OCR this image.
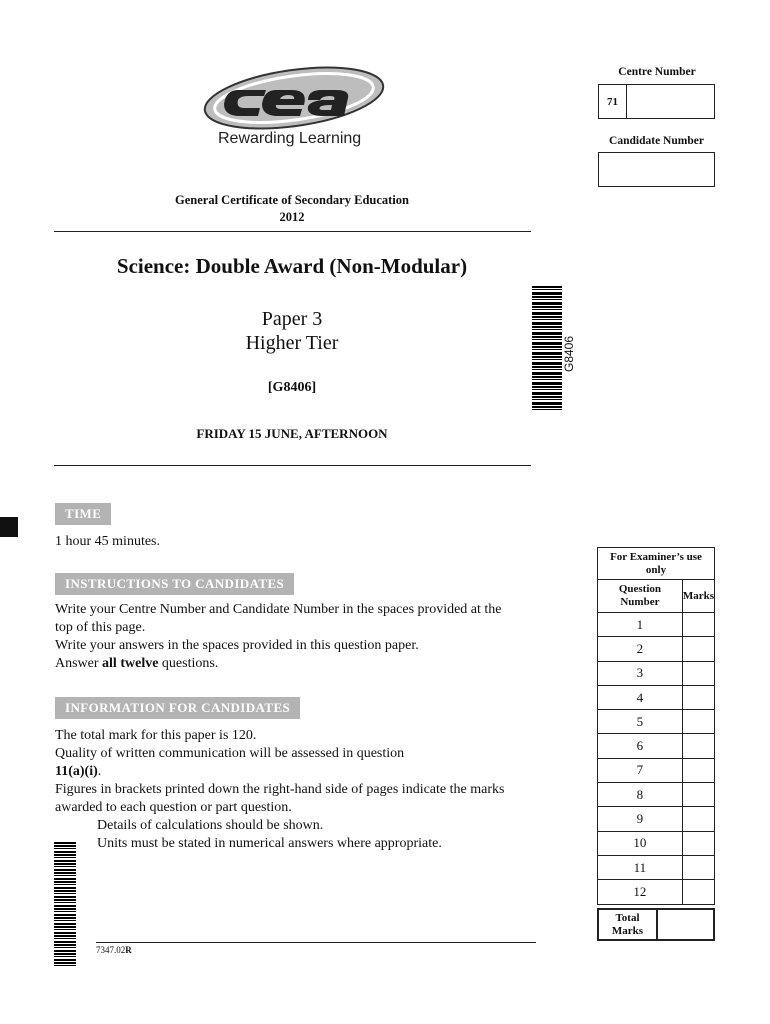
Rewarding Learning
Centre Number
71
Candidate Number
General Certificate of Secondary Education
2012
Science: Double Award (Non-Modular)
Paper 3
Higher Tier
[G8406]
FRIDAY 15 JUNE, AFTERNOON
G8406
TIME
1 hour 45 minutes.
INSTRUCTIONS TO CANDIDATES
Write your Centre Number and Candidate Number in the spaces provided at the top of this page.
Write your answers in the spaces provided in this question paper.
Answer all twelve questions.
INFORMATION FOR CANDIDATES
The total mark for this paper is 120.
Quality of written communication will be assessed in question 11(a)(i).
Figures in brackets printed down the right-hand side of pages indicate the marks awarded to each question or part question.
Details of calculations should be shown.
Units must be stated in numerical answers where appropriate.
For Examiner’s use only
Question Number	Marks
1	
2	
3	
4	
5	
6	
7	
8	
9	
10	
11	
12	
Total Marks
7347.02R
